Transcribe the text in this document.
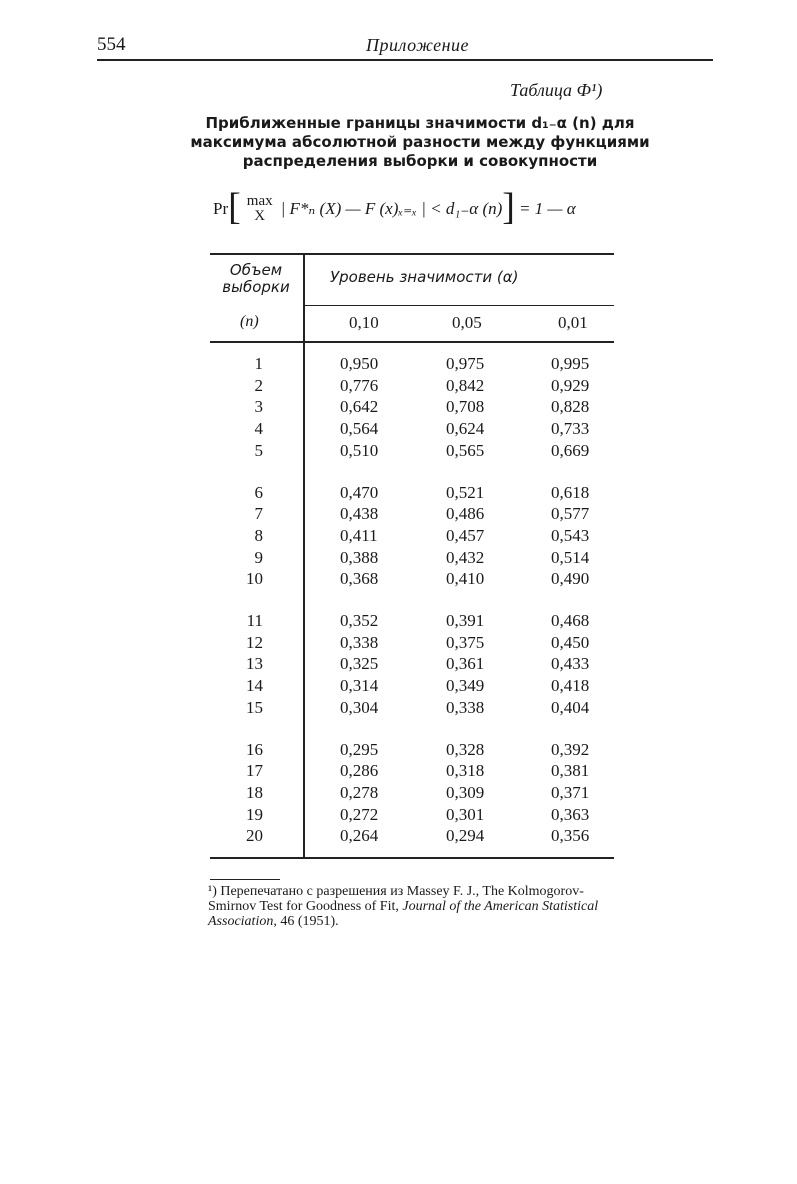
554	Приложение
Таблица Ф¹)
Приближенные границы значимости d₁₋α (n) для максимума абсолютной разности между функциями распределения выборки и совокупности
Pr [ max
X | F*ₙ (X) — F (x)ₓ₌ₓ | < d₁₋α (n) ] = 1 — α
Объем выборки
Уровень значимости (α)
(n)	0,10	0,05	0,01
1	0,950	0,975	0,995
2	0,776	0,842	0,929
3	0,642	0,708	0,828
4	0,564	0,624	0,733
5	0,510	0,565	0,669
6	0,470	0,521	0,618
7	0,438	0,486	0,577
8	0,411	0,457	0,543
9	0,388	0,432	0,514
10	0,368	0,410	0,490
11	0,352	0,391	0,468
12	0,338	0,375	0,450
13	0,325	0,361	0,433
14	0,314	0,349	0,418
15	0,304	0,338	0,404
16	0,295	0,328	0,392
17	0,286	0,318	0,381
18	0,278	0,309	0,371
19	0,272	0,301	0,363
20	0,264	0,294	0,356
¹) Перепечатано с разрешения из Massey F. J., The Kolmogorov-Smirnov Test for Goodness of Fit, Journal of the American Statistical Association, 46 (1951).
